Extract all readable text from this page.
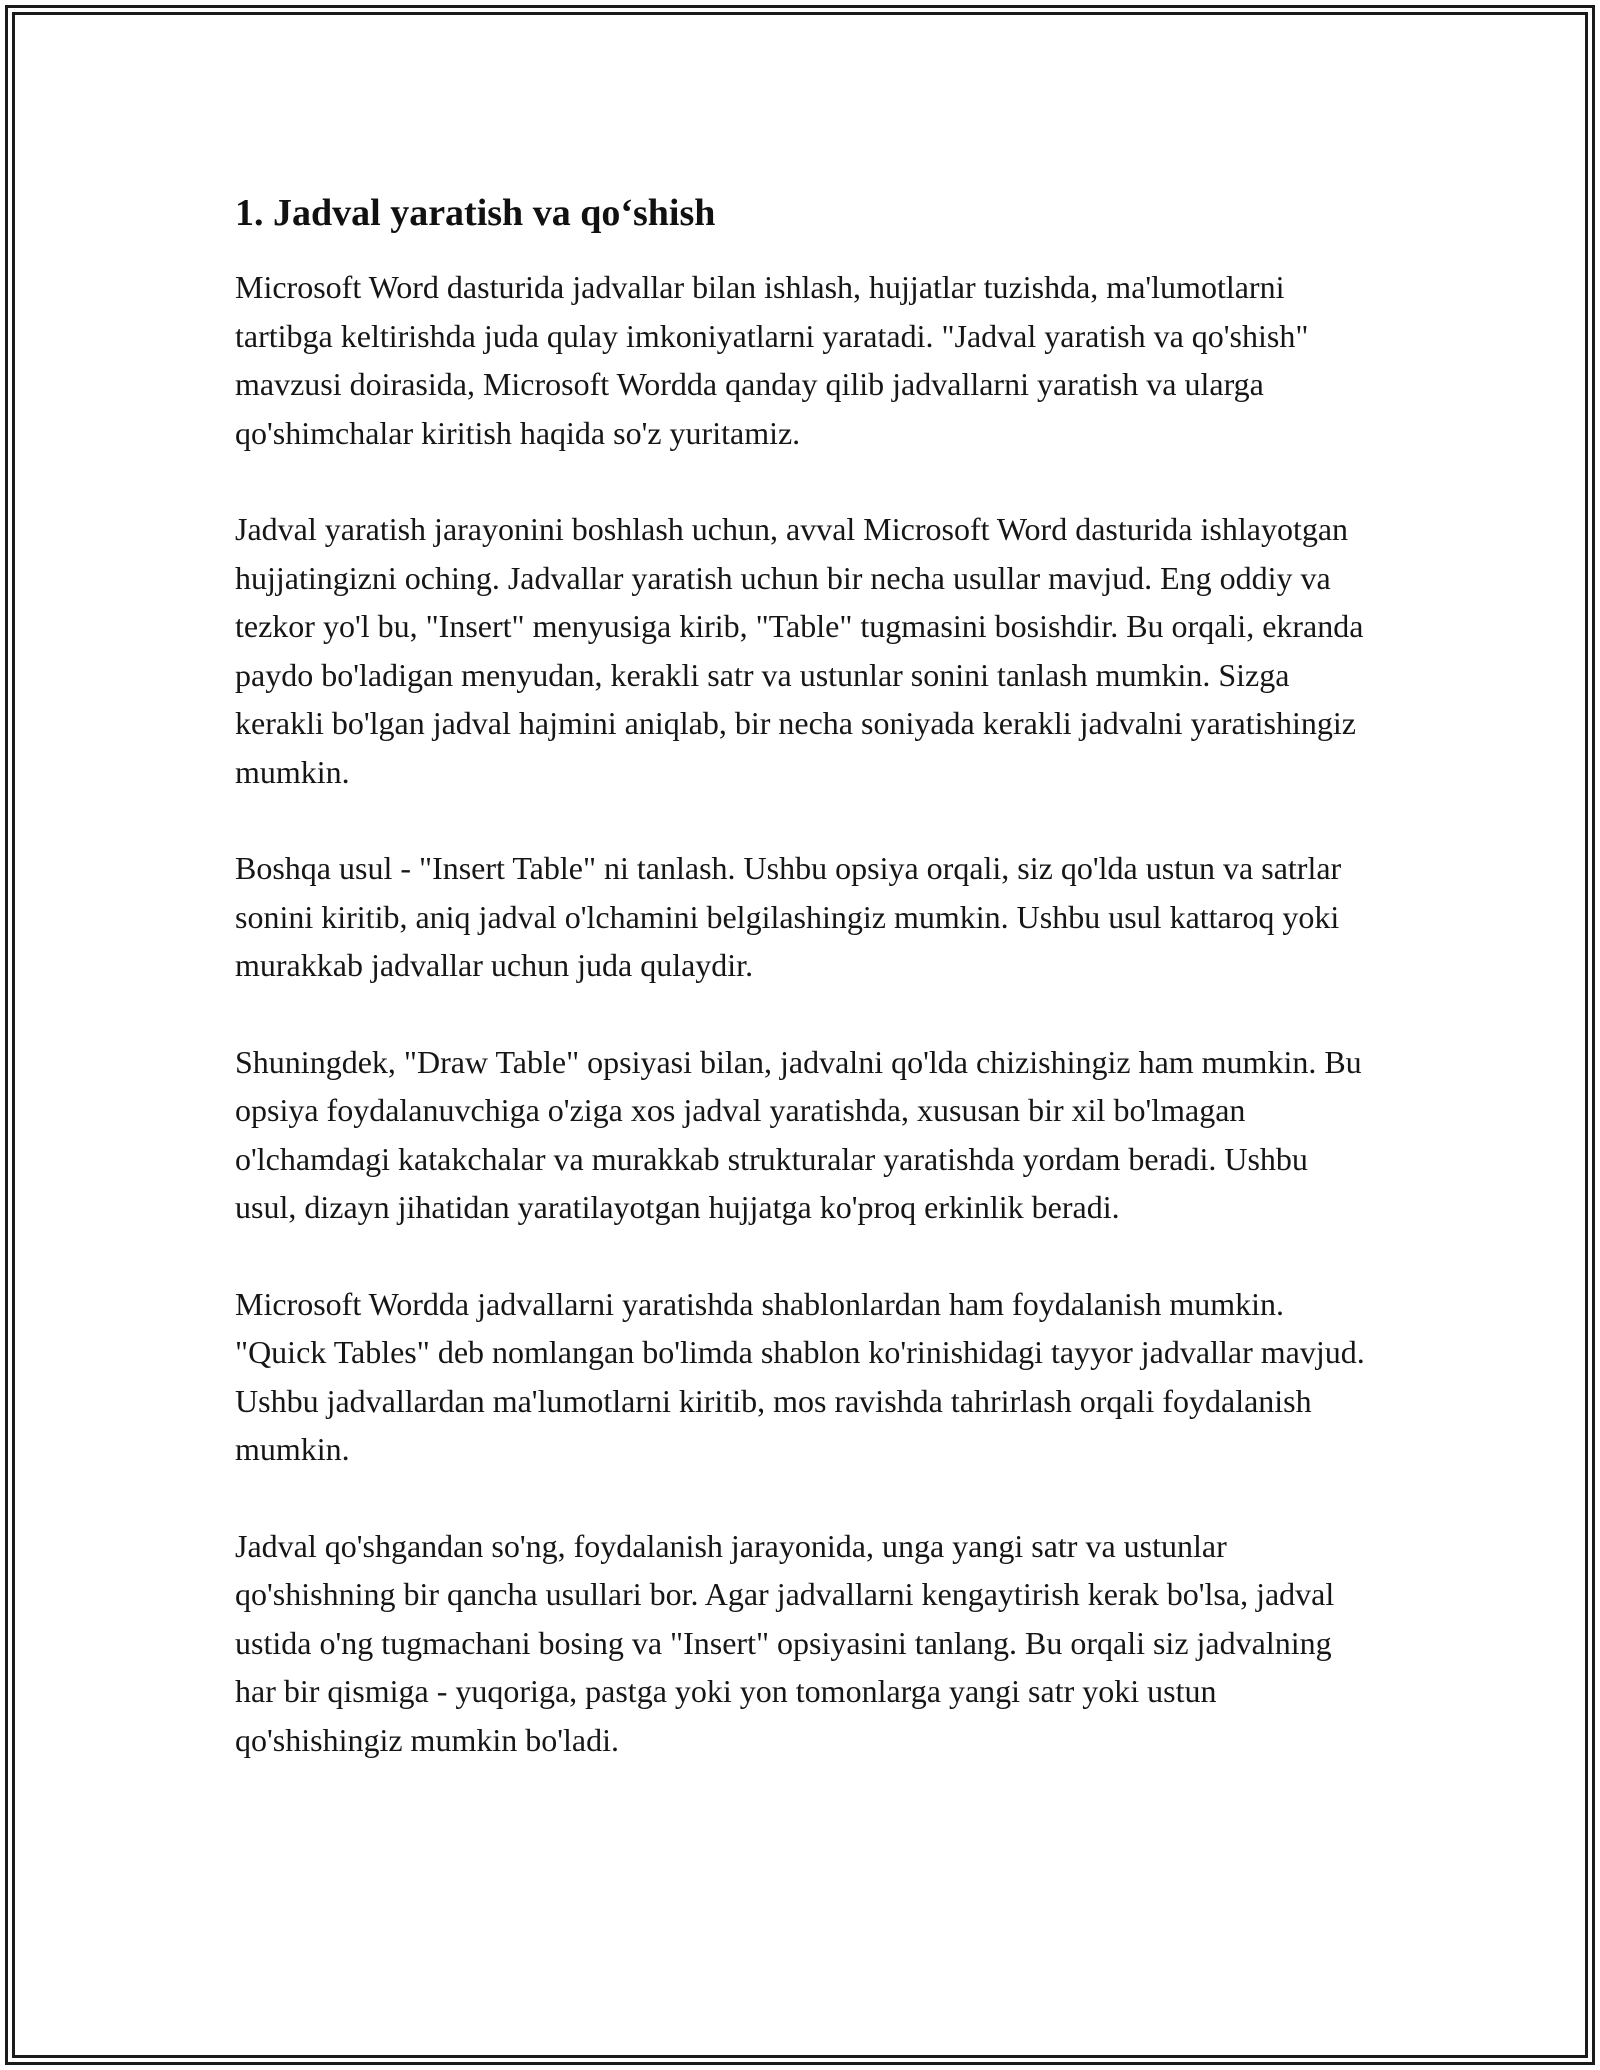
1. Jadval yaratish va qo‘shish

Microsoft Word dasturida jadvallar bilan ishlash, hujjatlar tuzishda, ma'lumotlarni tartibga keltirishda juda qulay imkoniyatlarni yaratadi. "Jadval yaratish va qo'shish" mavzusi doirasida, Microsoft Wordda qanday qilib jadvallarni yaratish va ularga qo'shimchalar kiritish haqida so'z yuritamiz.

Jadval yaratish jarayonini boshlash uchun, avval Microsoft Word dasturida ishlayotgan hujjatingizni oching. Jadvallar yaratish uchun bir necha usullar mavjud. Eng oddiy va tezkor yo'l bu, "Insert" menyusiga kirib, "Table" tugmasini bosishdir. Bu orqali, ekranda paydo bo'ladigan menyudan, kerakli satr va ustunlar sonini tanlash mumkin. Sizga kerakli bo'lgan jadval hajmini aniqlab, bir necha soniyada kerakli jadvalni yaratishingiz mumkin.

Boshqa usul - "Insert Table" ni tanlash. Ushbu opsiya orqali, siz qo'lda ustun va satrlar sonini kiritib, aniq jadval o'lchamini belgilashingiz mumkin. Ushbu usul kattaroq yoki murakkab jadvallar uchun juda qulaydir.

Shuningdek, "Draw Table" opsiyasi bilan, jadvalni qo'lda chizishingiz ham mumkin. Bu opsiya foydalanuvchiga o'ziga xos jadval yaratishda, xususan bir xil bo'lmagan o'lchamdagi katakchalar va murakkab strukturalar yaratishda yordam beradi. Ushbu usul, dizayn jihatidan yaratilayotgan hujjatga ko'proq erkinlik beradi.

Microsoft Wordda jadvallarni yaratishda shablonlardan ham foydalanish mumkin. "Quick Tables" deb nomlangan bo'limda shablon ko'rinishidagi tayyor jadvallar mavjud. Ushbu jadvallardan ma'lumotlarni kiritib, mos ravishda tahrirlash orqali foydalanish mumkin.

Jadval qo'shgandan so'ng, foydalanish jarayonida, unga yangi satr va ustunlar qo'shishning bir qancha usullari bor. Agar jadvallarni kengaytirish kerak bo'lsa, jadval ustida o'ng tugmachani bosing va "Insert" opsiyasini tanlang. Bu orqali siz jadvalning har bir qismiga - yuqoriga, pastga yoki yon tomonlarga yangi satr yoki ustun qo'shishingiz mumkin bo'ladi.
